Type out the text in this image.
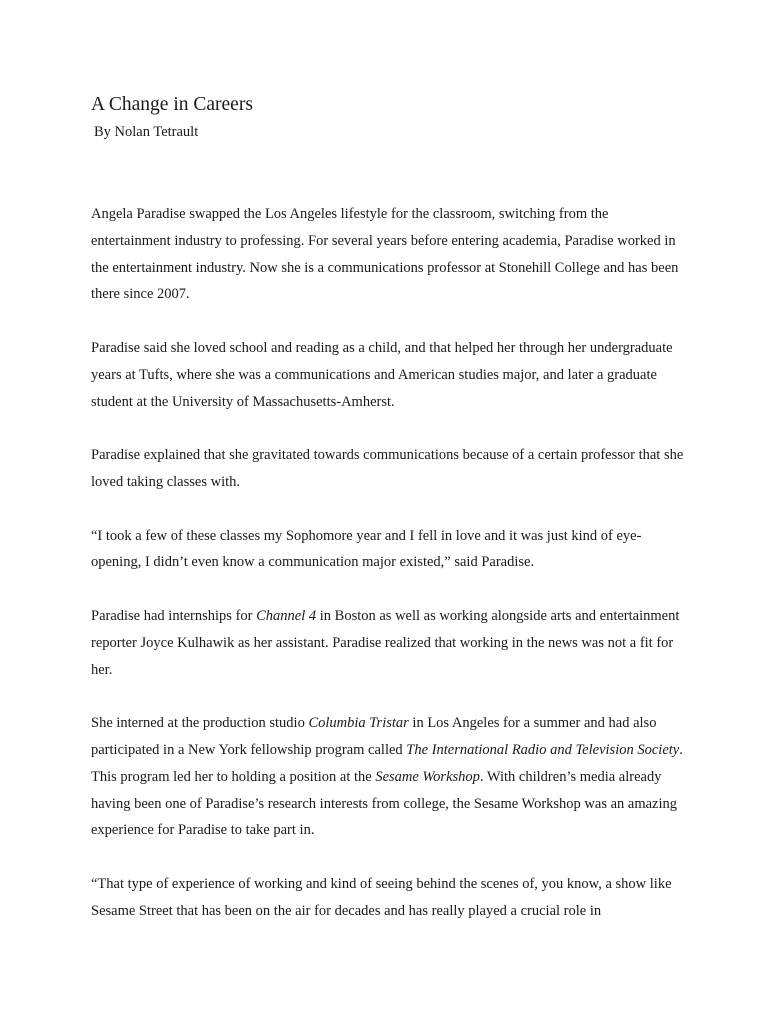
A Change in Careers
By Nolan Tetrault

Angela Paradise swapped the Los Angeles lifestyle for the classroom, switching from the entertainment industry to professing. For several years before entering academia, Paradise worked in the entertainment industry. Now she is a communications professor at Stonehill College and has been there since 2007.

Paradise said she loved school and reading as a child, and that helped her through her undergraduate years at Tufts, where she was a communications and American studies major, and later a graduate student at the University of Massachusetts-Amherst.

Paradise explained that she gravitated towards communications because of a certain professor that she loved taking classes with.

“I took a few of these classes my Sophomore year and I fell in love and it was just kind of eye-opening, I didn’t even know a communication major existed,” said Paradise.

Paradise had internships for Channel 4 in Boston as well as working alongside arts and entertainment reporter Joyce Kulhawik as her assistant. Paradise realized that working in the news was not a fit for her.

She interned at the production studio Columbia Tristar in Los Angeles for a summer and had also participated in a New York fellowship program called The International Radio and Television Society. This program led her to holding a position at the Sesame Workshop. With children’s media already having been one of Paradise’s research interests from college, the Sesame Workshop was an amazing experience for Paradise to take part in.

“That type of experience of working and kind of seeing behind the scenes of, you know, a show like Sesame Street that has been on the air for decades and has really played a crucial role in
